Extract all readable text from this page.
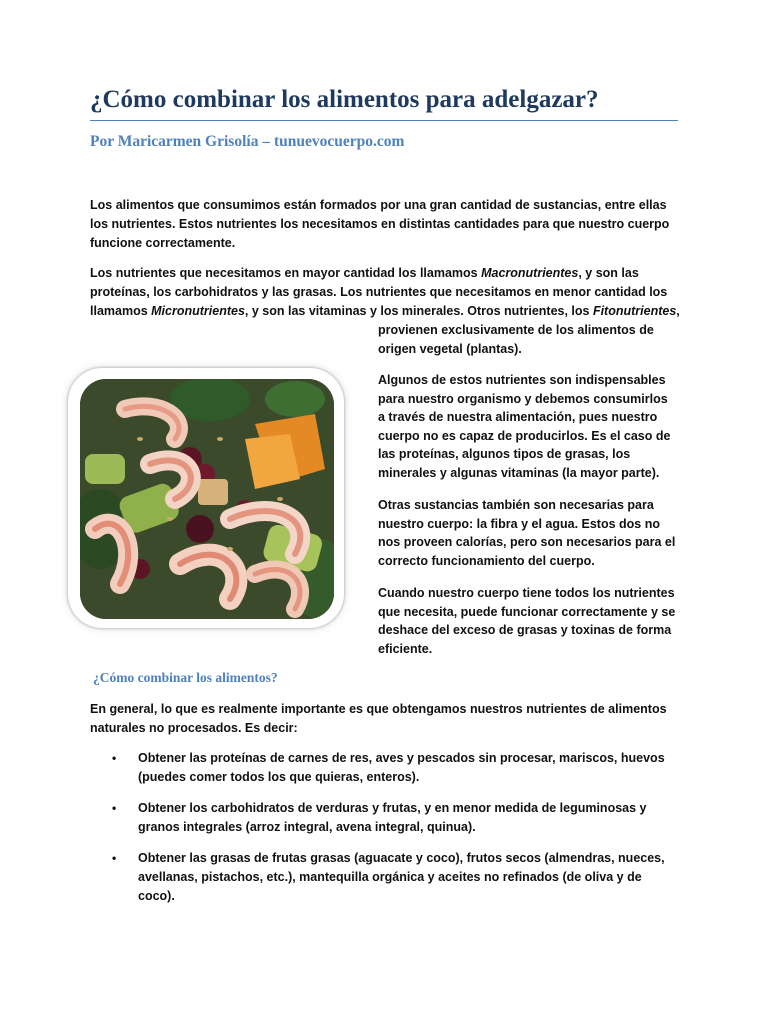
¿Cómo combinar los alimentos para adelgazar?
Por Maricarmen Grisolía – tunuevocuerpo.com

Los alimentos que consumimos están formados por una gran cantidad de sustancias, entre ellas los nutrientes. Estos nutrientes los necesitamos en distintas cantidades para que nuestro cuerpo funcione correctamente.

Los nutrientes que necesitamos en mayor cantidad los llamamos Macronutrientes, y son las proteínas, los carbohidratos y las grasas. Los nutrientes que necesitamos en menor cantidad los llamamos Micronutrientes, y son las vitaminas y los minerales. Otros nutrientes, los Fitonutrientes,

provienen exclusivamente de los alimentos de origen vegetal (plantas).

Algunos de estos nutrientes son indispensables para nuestro organismo y debemos consumirlos a través de nuestra alimentación, pues nuestro cuerpo no es capaz de producirlos. Es el caso de las proteínas, algunos tipos de grasas, los minerales y algunas vitaminas (la mayor parte).

Otras sustancias también son necesarias para nuestro cuerpo: la fibra y el agua. Estos dos no nos proveen calorías, pero son necesarios para el correcto funcionamiento del cuerpo.

Cuando nuestro cuerpo tiene todos los nutrientes que necesita, puede funcionar correctamente y se deshace del exceso de grasas y toxinas de forma eficiente.

¿Cómo combinar los alimentos?

En general, lo que es realmente importante es que obtengamos nuestros nutrientes de alimentos naturales no procesados. Es decir:

• Obtener las proteínas de carnes de res, aves y pescados sin procesar, mariscos, huevos (puedes comer todos los que quieras, enteros).
• Obtener los carbohidratos de verduras y frutas, y en menor medida de leguminosas y granos integrales (arroz integral, avena integral, quinua).
• Obtener las grasas de frutas grasas (aguacate y coco), frutos secos (almendras, nueces, avellanas, pistachos, etc.), mantequilla orgánica y aceites no refinados (de oliva y de coco).
